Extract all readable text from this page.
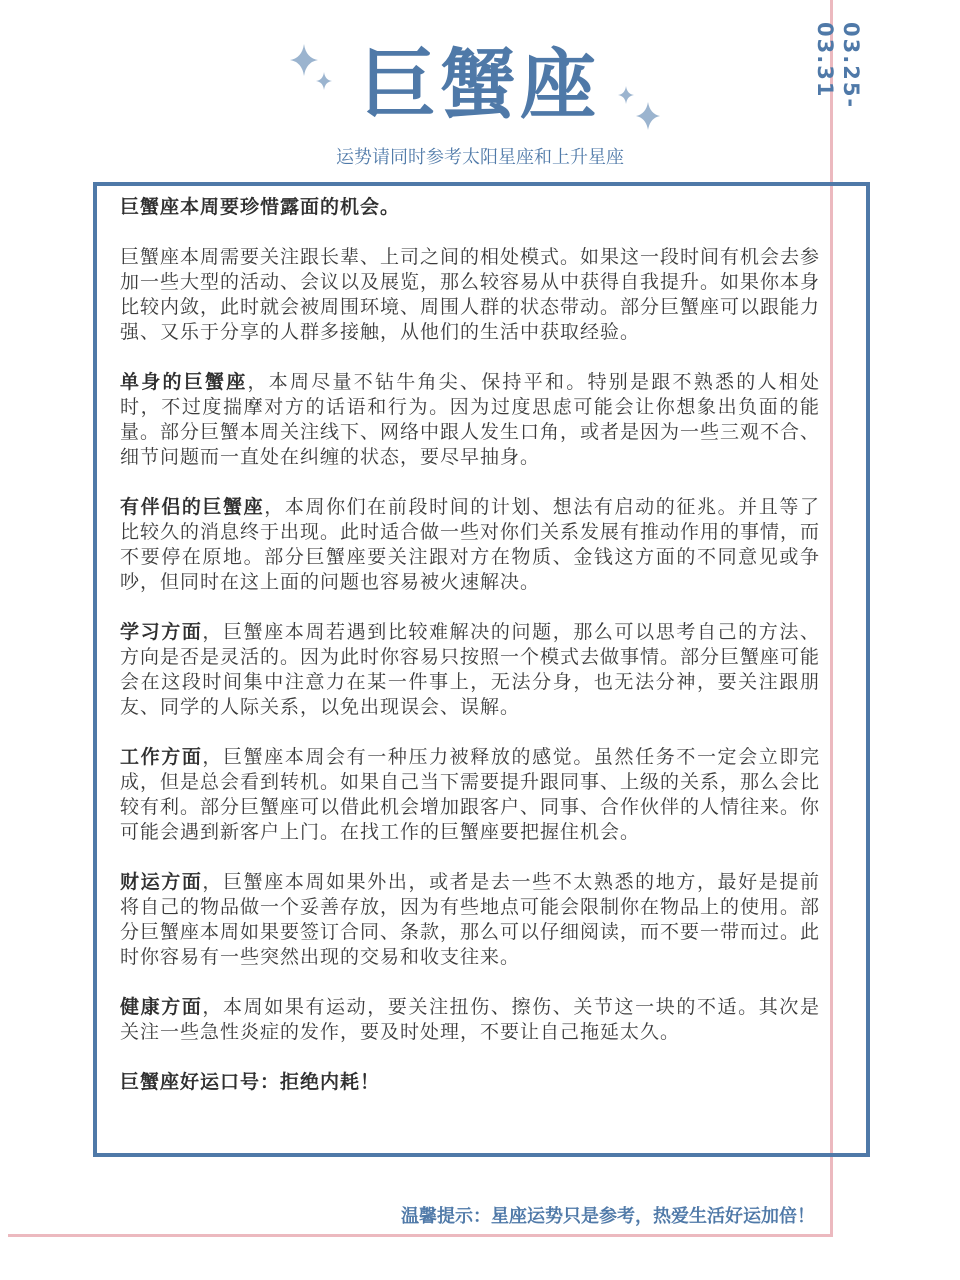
03.25-03.31
巨蟹座
运势请同时参考太阳星座和上升星座

巨蟹座本周要珍惜露面的机会。

巨蟹座本周需要关注跟长辈、上司之间的相处模式。如果这一段时间有机会去参加一些大型的活动、会议以及展览，那么较容易从中获得自我提升。如果你本身比较内敛，此时就会被周围环境、周围人群的状态带动。部分巨蟹座可以跟能力强、又乐于分享的人群多接触，从他们的生活中获取经验。

单身的巨蟹座，本周尽量不钻牛角尖、保持平和。特别是跟不熟悉的人相处时，不过度揣摩对方的话语和行为。因为过度思虑可能会让你想象出负面的能量。部分巨蟹本周关注线下、网络中跟人发生口角，或者是因为一些三观不合、细节问题而一直处在纠缠的状态，要尽早抽身。

有伴侣的巨蟹座，本周你们在前段时间的计划、想法有启动的征兆。并且等了比较久的消息终于出现。此时适合做一些对你们关系发展有推动作用的事情，而不要停在原地。部分巨蟹座要关注跟对方在物质、金钱这方面的不同意见或争吵，但同时在这上面的问题也容易被火速解决。

学习方面，巨蟹座本周若遇到比较难解决的问题，那么可以思考自己的方法、方向是否是灵活的。因为此时你容易只按照一个模式去做事情。部分巨蟹座可能会在这段时间集中注意力在某一件事上，无法分身，也无法分神，要关注跟朋友、同学的人际关系，以免出现误会、误解。

工作方面，巨蟹座本周会有一种压力被释放的感觉。虽然任务不一定会立即完成，但是总会看到转机。如果自己当下需要提升跟同事、上级的关系，那么会比较有利。部分巨蟹座可以借此机会增加跟客户、同事、合作伙伴的人情往来。你可能会遇到新客户上门。在找工作的巨蟹座要把握住机会。

财运方面，巨蟹座本周如果外出，或者是去一些不太熟悉的地方，最好是提前将自己的物品做一个妥善存放，因为有些地点可能会限制你在物品上的使用。部分巨蟹座本周如果要签订合同、条款，那么可以仔细阅读，而不要一带而过。此时你容易有一些突然出现的交易和收支往来。

健康方面，本周如果有运动，要关注扭伤、擦伤、关节这一块的不适。其次是关注一些急性炎症的发作，要及时处理，不要让自己拖延太久。

巨蟹座好运口号：拒绝内耗！

温馨提示：星座运势只是参考，热爱生活好运加倍！
